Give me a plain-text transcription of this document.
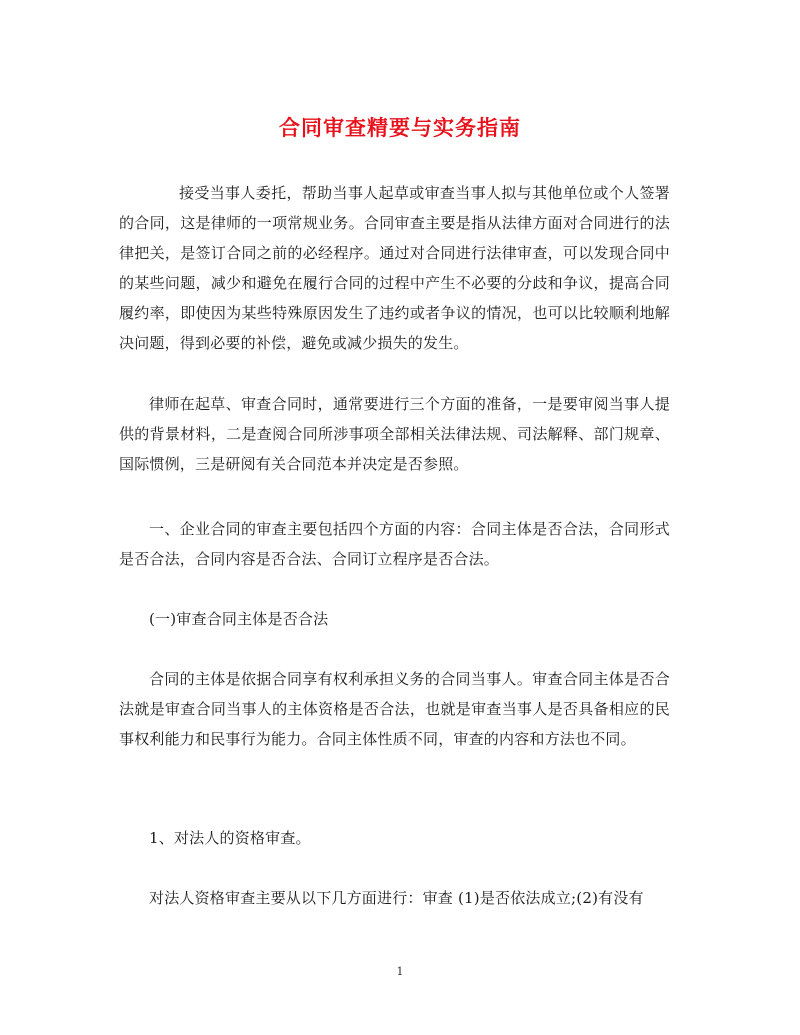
合同审查精要与实务指南

接受当事人委托，帮助当事人起草或审查当事人拟与其他单位或个人签署的合同，这是律师的一项常规业务。合同审查主要是指从法律方面对合同进行的法律把关，是签订合同之前的必经程序。通过对合同进行法律审查，可以发现合同中的某些问题，减少和避免在履行合同的过程中产生不必要的分歧和争议，提高合同履约率，即使因为某些特殊原因发生了违约或者争议的情况，也可以比较顺利地解决问题，得到必要的补偿，避免或减少损失的发生。

律师在起草、审查合同时，通常要进行三个方面的准备，一是要审阅当事人提供的背景材料，二是查阅合同所涉事项全部相关法律法规、司法解释、部门规章、国际惯例，三是研阅有关合同范本并决定是否参照。

一、企业合同的审查主要包括四个方面的内容：合同主体是否合法，合同形式是否合法，合同内容是否合法、合同订立程序是否合法。

(一)审查合同主体是否合法

合同的主体是依据合同享有权利承担义务的合同当事人。审查合同主体是否合法就是审查合同当事人的主体资格是否合法，也就是审查当事人是否具备相应的民事权利能力和民事行为能力。合同主体性质不同，审查的内容和方法也不同。

1、对法人的资格审查。

对法人资格审查主要从以下几方面进行：审查 (1)是否依法成立;(2)有没有

1
